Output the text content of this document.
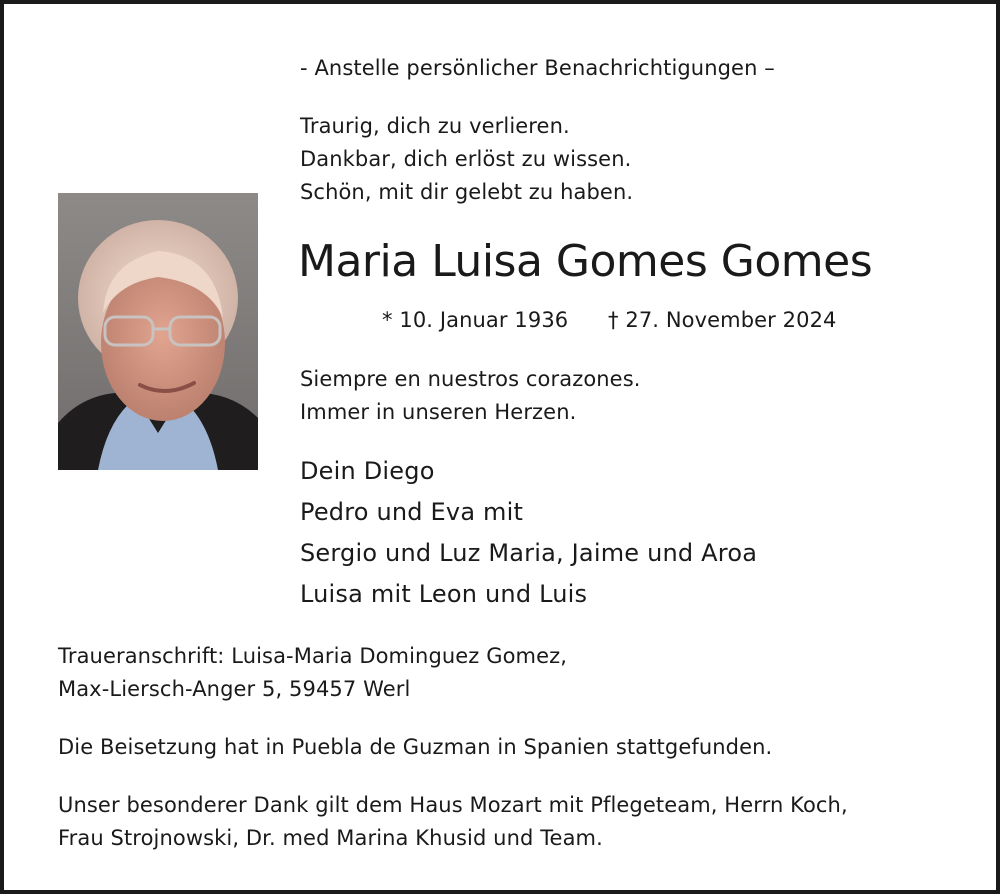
- Anstelle persönlicher Benachrichtigungen –

Traurig, dich zu verlieren.

Dankbar, dich erlöst zu wissen.

Schön, mit dir gelebt zu haben.

Maria Luisa Gomes Gomes

* 10. Januar 1936 † 27. November 2024

Siempre en nuestros corazones.

Immer in unseren Herzen.

Dein Diego

Pedro und Eva mit

Sergio und Luz Maria, Jaime und Aroa

Luisa mit Leon und Luis

Traueranschrift: Luisa-Maria Dominguez Gomez,

Max-Liersch-Anger 5, 59457 Werl

Die Beisetzung hat in Puebla de Guzman in Spanien stattgefunden.

Unser besonderer Dank gilt dem Haus Mozart mit Pflegeteam, Herrn Koch,

Frau Strojnowski, Dr. med Marina Khusid und Team.
